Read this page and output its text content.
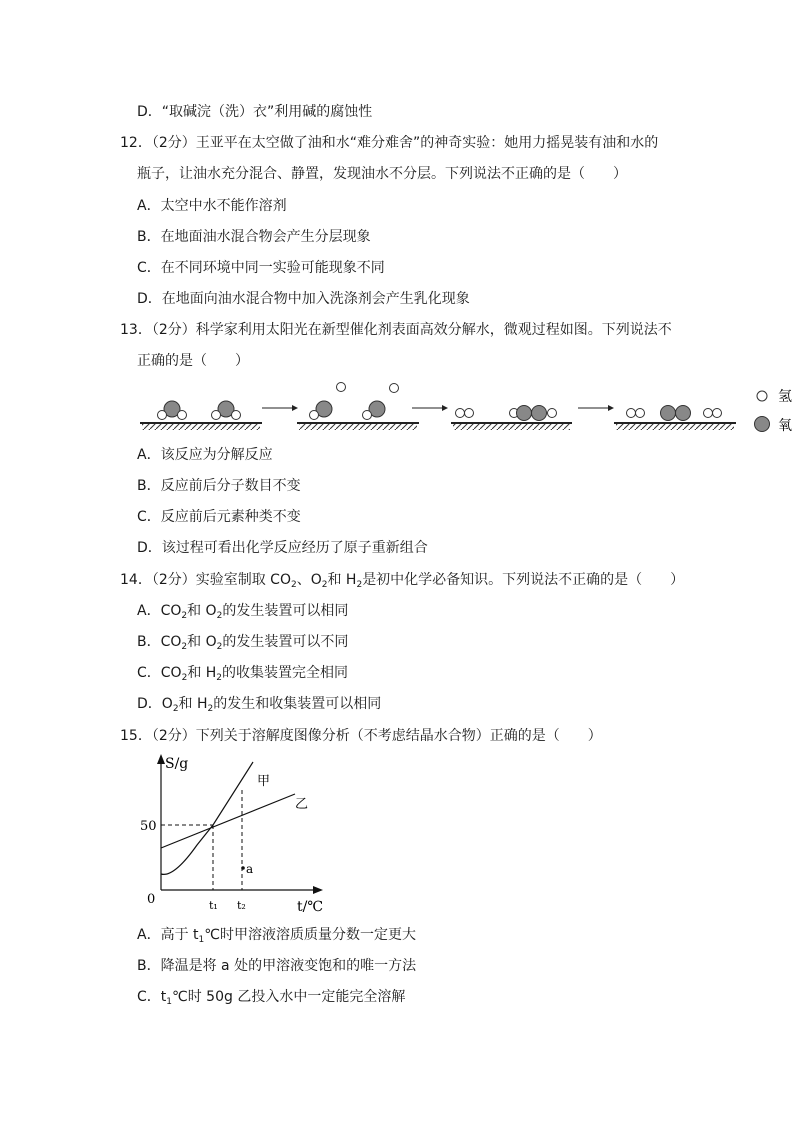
D．“取碱浣（洗）衣”利用碱的腐蚀性
12．（2分）王亚平在太空做了油和水“难分难舍”的神奇实验：她用力摇晃装有油和水的
瓶子，让油水充分混合、静置，发现油水不分层。下列说法不正确的是（　　）
A．太空中水不能作溶剂
B．在地面油水混合物会产生分层现象
C．在不同环境中同一实验可能现象不同
D．在地面向油水混合物中加入洗涤剂会产生乳化现象
13．（2分）科学家利用太阳光在新型催化剂表面高效分解水，微观过程如图。下列说法不
正确的是（　　）
氢
氧
A．该反应为分解反应
B．反应前后分子数目不变
C．反应前后元素种类不变
D．该过程可看出化学反应经历了原子重新组合
14．（2分）实验室制取 $CO_2$、$O_2$和 $H_2$是初中化学必备知识。下列说法不正确的是（　　）
A．$CO_2$和 $O_2$的发生装置可以相同
B．$CO_2$和 $O_2$的发生装置可以不同
C．$CO_2$和 $H_2$的收集装置完全相同
D．$O_2$和 $H_2$的发生和收集装置可以相同
15．（2分）下列关于溶解度图像分析（不考虑结晶水合物）正确的是（　　）
S/g
t/℃
0
50
t₁ t₂
甲
乙
a
A．高于 $t_1℃$时甲溶液溶质质量分数一定更大
B．降温是将 a 处的甲溶液变饱和的唯一方法
C．$t_1℃$时 50g 乙投入水中一定能完全溶解
